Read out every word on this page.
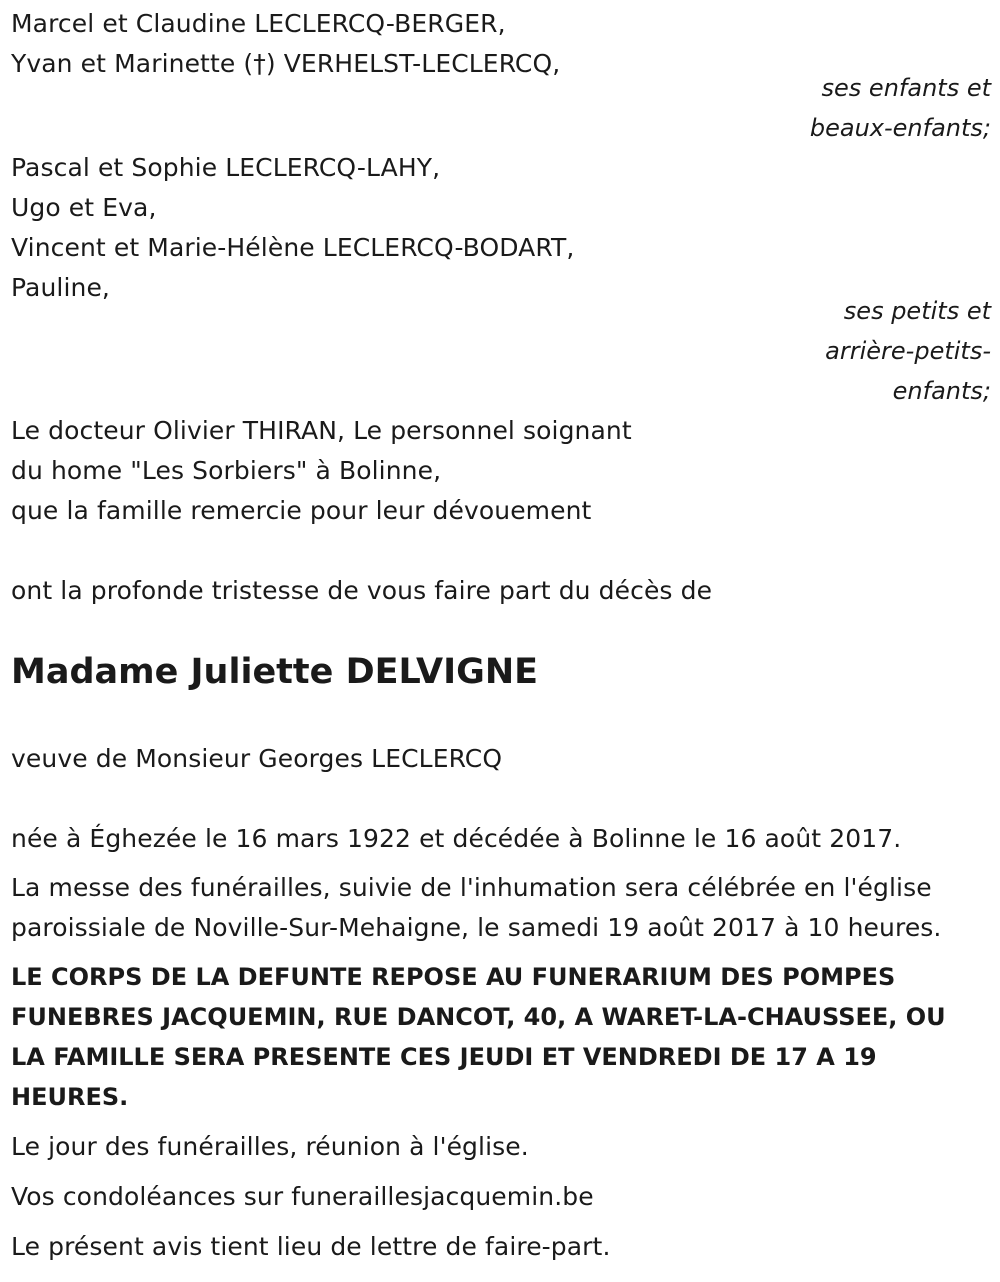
Marcel et Claudine LECLERCQ-BERGER,
Yvan et Marinette (†) VERHELST-LECLERCQ,
ses enfants et
beaux-enfants;
Pascal et Sophie LECLERCQ-LAHY,
Ugo et Eva,
Vincent et Marie-Hélène LECLERCQ-BODART,
Pauline,
ses petits et
arrière-petits-
enfants;
Le docteur Olivier THIRAN, Le personnel soignant
du home "Les Sorbiers" à Bolinne,
que la famille remercie pour leur dévouement
ont la profonde tristesse de vous faire part du décès de
Madame Juliette DELVIGNE
veuve de Monsieur Georges LECLERCQ
née à Éghezée le 16 mars 1922 et décédée à Bolinne le 16 août 2017.
La messe des funérailles, suivie de l'inhumation sera célébrée en l'église
paroissiale de Noville-Sur-Mehaigne, le samedi 19 août 2017 à 10 heures.
LE CORPS DE LA DEFUNTE REPOSE AU FUNERARIUM DES POMPES
FUNEBRES JACQUEMIN, RUE DANCOT, 40, A WARET-LA-CHAUSSEE, OU
LA FAMILLE SERA PRESENTE CES JEUDI ET VENDREDI DE 17 A 19
HEURES.
Le jour des funérailles, réunion à l'église.
Vos condoléances sur funeraillesjacquemin.be
Le présent avis tient lieu de lettre de faire-part.
